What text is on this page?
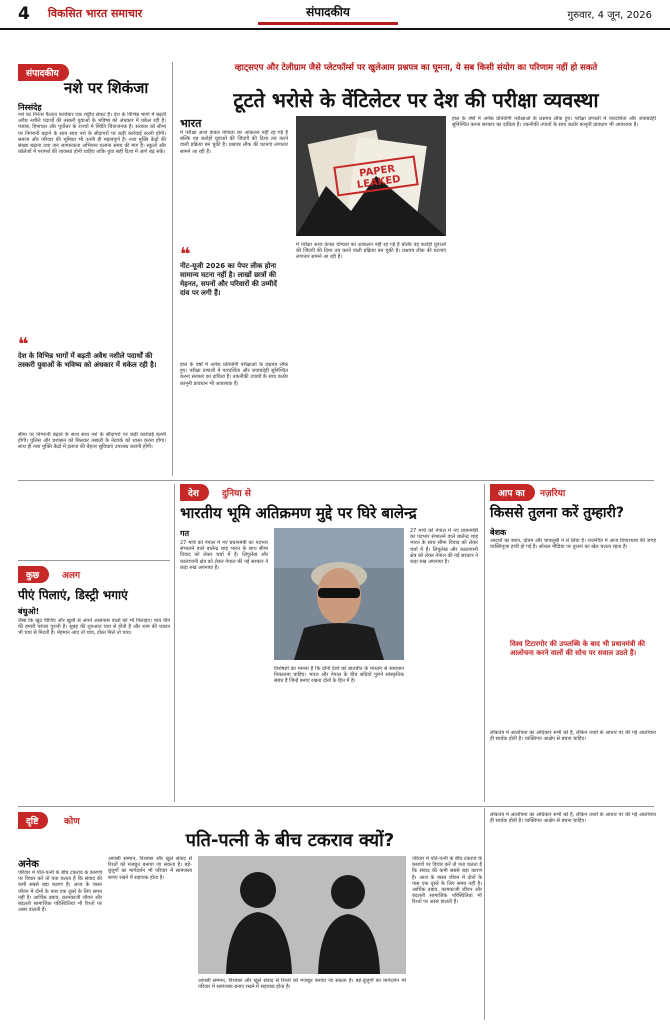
4	विकसित भारत समाचार	संपादकीय	गुरुवार, 4 जून, 2026
संपादकीय
नशे पर शिकंजा
निस्संदेह
नशे का निरंतर फैलता कारोबार एक राष्ट्रीय संकट है। देश के विभिन्न भागों में बढ़ती अवैध नशीले पदार्थों की तस्करी युवाओं के भविष्य को अंधकार में धकेल रही है। पंजाब, हिमाचल और पूर्वोत्तर के राज्यों में स्थिति चिंताजनक है। सरकार को सीमा पर निगरानी बढ़ाने के साथ साथ नशे के सौदागरों पर कड़ी कार्रवाई करनी होगी। समाज और परिवार की भूमिका भी उतनी ही महत्वपूर्ण है। नशा मुक्ति केंद्रों की संख्या बढ़ाना तथा जन जागरूकता अभियान चलाना समय की मांग है। स्कूलों और कॉलेजों में परामर्श की व्यवस्था होनी चाहिए ताकि युवा सही दिशा में आगे बढ़ सकें।
❝
देश के विभिन्न भागों में बढ़ती अवैध नशीले पदार्थों की तस्करी युवाओं के भविष्य को अंधकार में धकेल रही है।
सीमा पर निगरानी बढ़ाने के साथ साथ नशे के सौदागरों पर कड़ी कार्रवाई करनी होगी। पुलिस और प्रशासन को मिलकर तस्करी के नेटवर्क को ध्वस्त करना होगा। साथ ही नशा मुक्ति केंद्रों में इलाज की बेहतर सुविधाएं उपलब्ध करानी होंगी।
व्हाट्सएप और टेलीग्राम जैसे प्लेटफॉर्म्स पर खुलेआम प्रश्नपत्र का घूमना, ये सब किसी संयोग का परिणाम नहीं हो सकते
टूटते भरोसे के वेंटिलेटर पर देश की परीक्षा व्यवस्था
भारत
में परीक्षा आज केवल योग्यता का आकलन नहीं रह गई है बल्कि वह करोड़ों युवाओं की जिंदगी की दिशा तय करने वाली प्रक्रिया बन चुकी है। प्रश्नपत्र लीक की घटनाएं लगातार सामने आ रही हैं।
❝
नीट-यूजी 2026 का पेपर लीक होना सामान्य घटना नहीं है। लाखों छात्रों की मेहनत, सपनों और परिवारों की उम्मीदें दांव पर लगी हैं।
हाल के वर्षों में अनेक प्रतियोगी परीक्षाओं के प्रश्नपत्र लीक हुए। परीक्षा प्रणाली में पारदर्शिता और जवाबदेही सुनिश्चित करना सरकार का दायित्व है। तकनीकी उपायों के साथ कठोर कानूनी प्रावधान भी आवश्यक हैं।
PAPER LEAKED
हाल के वर्षों में अनेक प्रतियोगी परीक्षाओं के प्रश्नपत्र लीक हुए। परीक्षा प्रणाली में पारदर्शिता और जवाबदेही सुनिश्चित करना सरकार का दायित्व है। तकनीकी उपायों के साथ कठोर कानूनी प्रावधान भी आवश्यक हैं।
में परीक्षा आज केवल योग्यता का आकलन नहीं रह गई है बल्कि वह करोड़ों युवाओं की जिंदगी की दिशा तय करने वाली प्रक्रिया बन चुकी है। प्रश्नपत्र लीक की घटनाएं लगातार सामने आ रही हैं।
देश	दुनिया से
भारतीय भूमि अतिक्रमण मुद्दे पर घिरे बालेन्द्र
गत
27 मार्च को नेपाल में नए प्रधानमंत्री का पदभार संभालने वाले बालेन्द्र शाह भारत के साथ सीमा विवाद को लेकर चर्चा में हैं। लिपुलेख और कालापानी क्षेत्र को लेकर नेपाल की नई सरकार ने कड़ा रुख अपनाया है।
विशेषज्ञों का मानना है कि दोनों देशों को बातचीत के माध्यम से समाधान निकालना चाहिए। भारत और नेपाल के बीच सदियों पुराने सांस्कृतिक संबंध हैं जिन्हें बनाए रखना दोनों के हित में है।
27 मार्च को नेपाल में नए प्रधानमंत्री का पदभार संभालने वाले बालेन्द्र शाह भारत के साथ सीमा विवाद को लेकर चर्चा में हैं। लिपुलेख और कालापानी क्षेत्र को लेकर नेपाल की नई सरकार ने कड़ा रुख अपनाया है।
आप का	नज़रिया
किससे तुलना करें तुम्हारी?
बेशक
आदर्शों का स्थान, दोयम और चापलूसी ने ले लिया है। राजनीति में आज विचारधारा की जगह व्यक्तिपूजा हावी हो गई है। सोशल मीडिया पर तुलना का खेल चलता रहता है।
विश्व टिटारगोर की उपलब्धि के बाद भी प्रधानमंत्री की आलोचना करने वालों की सोच पर सवाल उठते हैं।
लोकतंत्र में आलोचना का अधिकार सभी को है, लेकिन तथ्यों के आधार पर की गई आलोचना ही सार्थक होती है। व्यक्तिगत आक्षेप से बचना चाहिए।
कुछ	अलग
पीएं पिलाएं, डिस्ट्री भगाएं
बंधुओ!
जैसा कि खुद पीजिए और खुशी से अपने आसपास वालों को भी पिलाइए। चाय पीने की हमारी परंपरा पुरानी है। सुबह की शुरुआत चाय से होती है और शाम की थकान भी चाय से मिटती है। मेहमान आए तो चाय, दोस्त मिले तो चाय।
दृष्टि	कोण
पति-पत्नी के बीच टकराव क्यों?
अनेक
परिवार में पति-पत्नी के बीच टकराव के कारणों पर विचार करें तो पता चलता है कि संवाद की कमी सबसे बड़ा कारण है। आज के व्यस्त जीवन में दोनों के पास एक दूसरे के लिए समय नहीं है। आर्थिक दबाव, कामकाजी जीवन और बदलती सामाजिक परिस्थितियां भी रिश्तों पर असर डालती हैं।
आपसी सम्मान, विश्वास और खुले संवाद से रिश्तों को मजबूत बनाया जा सकता है। बड़े-बुजुर्गों का मार्गदर्शन भी परिवार में सामंजस्य बनाए रखने में सहायक होता है।
आपसी सम्मान, विश्वास और खुले संवाद से रिश्तों को मजबूत बनाया जा सकता है। बड़े-बुजुर्गों का मार्गदर्शन भी परिवार में सामंजस्य बनाए रखने में सहायक होता है।
परिवार में पति-पत्नी के बीच टकराव के कारणों पर विचार करें तो पता चलता है कि संवाद की कमी सबसे बड़ा कारण है। आज के व्यस्त जीवन में दोनों के पास एक दूसरे के लिए समय नहीं है। आर्थिक दबाव, कामकाजी जीवन और बदलती सामाजिक परिस्थितियां भी रिश्तों पर असर डालती हैं।
लोकतंत्र में आलोचना का अधिकार सभी को है, लेकिन तथ्यों के आधार पर की गई आलोचना ही सार्थक होती है। व्यक्तिगत आक्षेप से बचना चाहिए।
